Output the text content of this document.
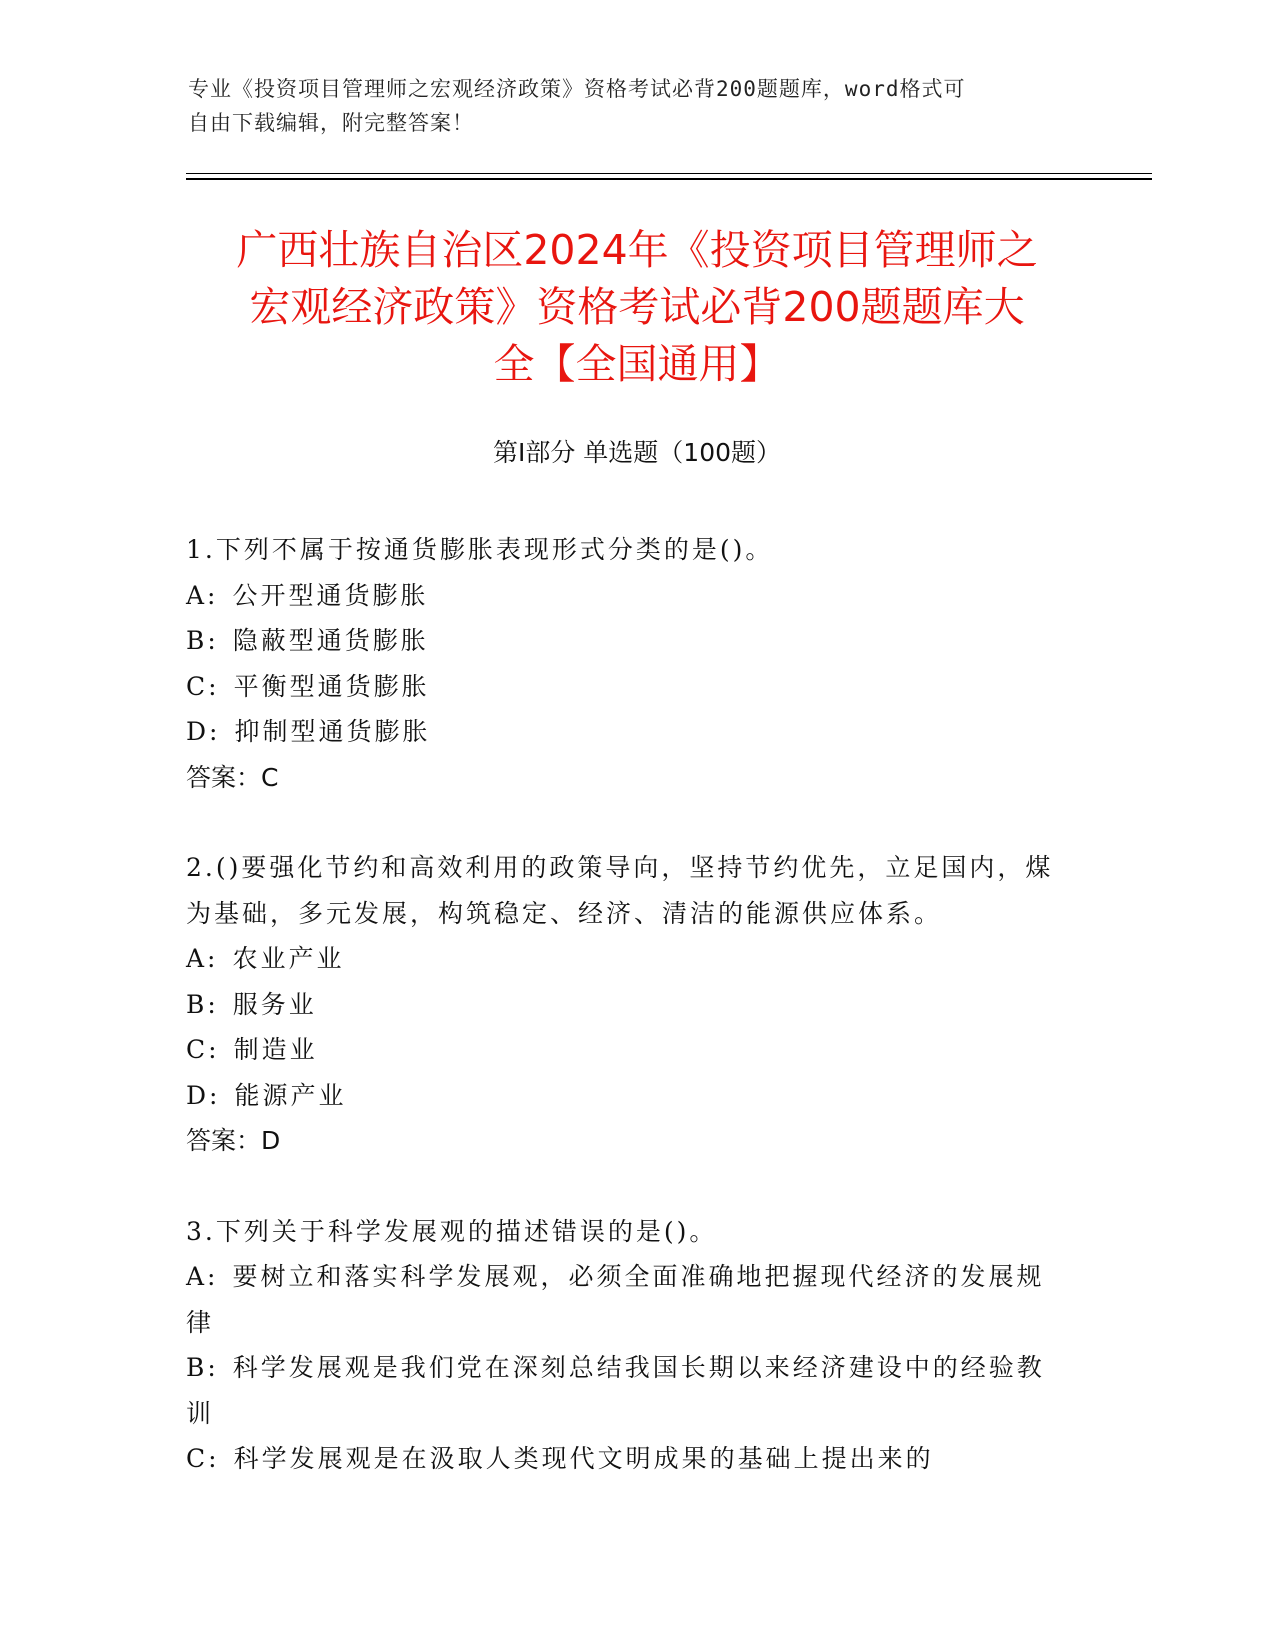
专业《投资项目管理师之宏观经济政策》资格考试必背200题题库，word格式可
自由下载编辑，附完整答案！
广西壮族自治区2024年《投资项目管理师之
宏观经济政策》资格考试必背200题题库大
全【全国通用】
第Ⅰ部分 单选题（100题）

1.下列不属于按通货膨胀表现形式分类的是()。

A: 公开型通货膨胀

B: 隐蔽型通货膨胀

C: 平衡型通货膨胀

D: 抑制型通货膨胀

答案：C

2.()要强化节约和高效利用的政策导向，坚持节约优先，立足国内，煤为基础，多元发展，构筑稳定、经济、清洁的能源供应体系。

A: 农业产业

B: 服务业

C: 制造业

D: 能源产业

答案：D

3.下列关于科学发展观的描述错误的是()。

A: 要树立和落实科学发展观，必须全面准确地把握现代经济的发展规律

B: 科学发展观是我们党在深刻总结我国长期以来经济建设中的经验教训

C: 科学发展观是在汲取人类现代文明成果的基础上提出来的
